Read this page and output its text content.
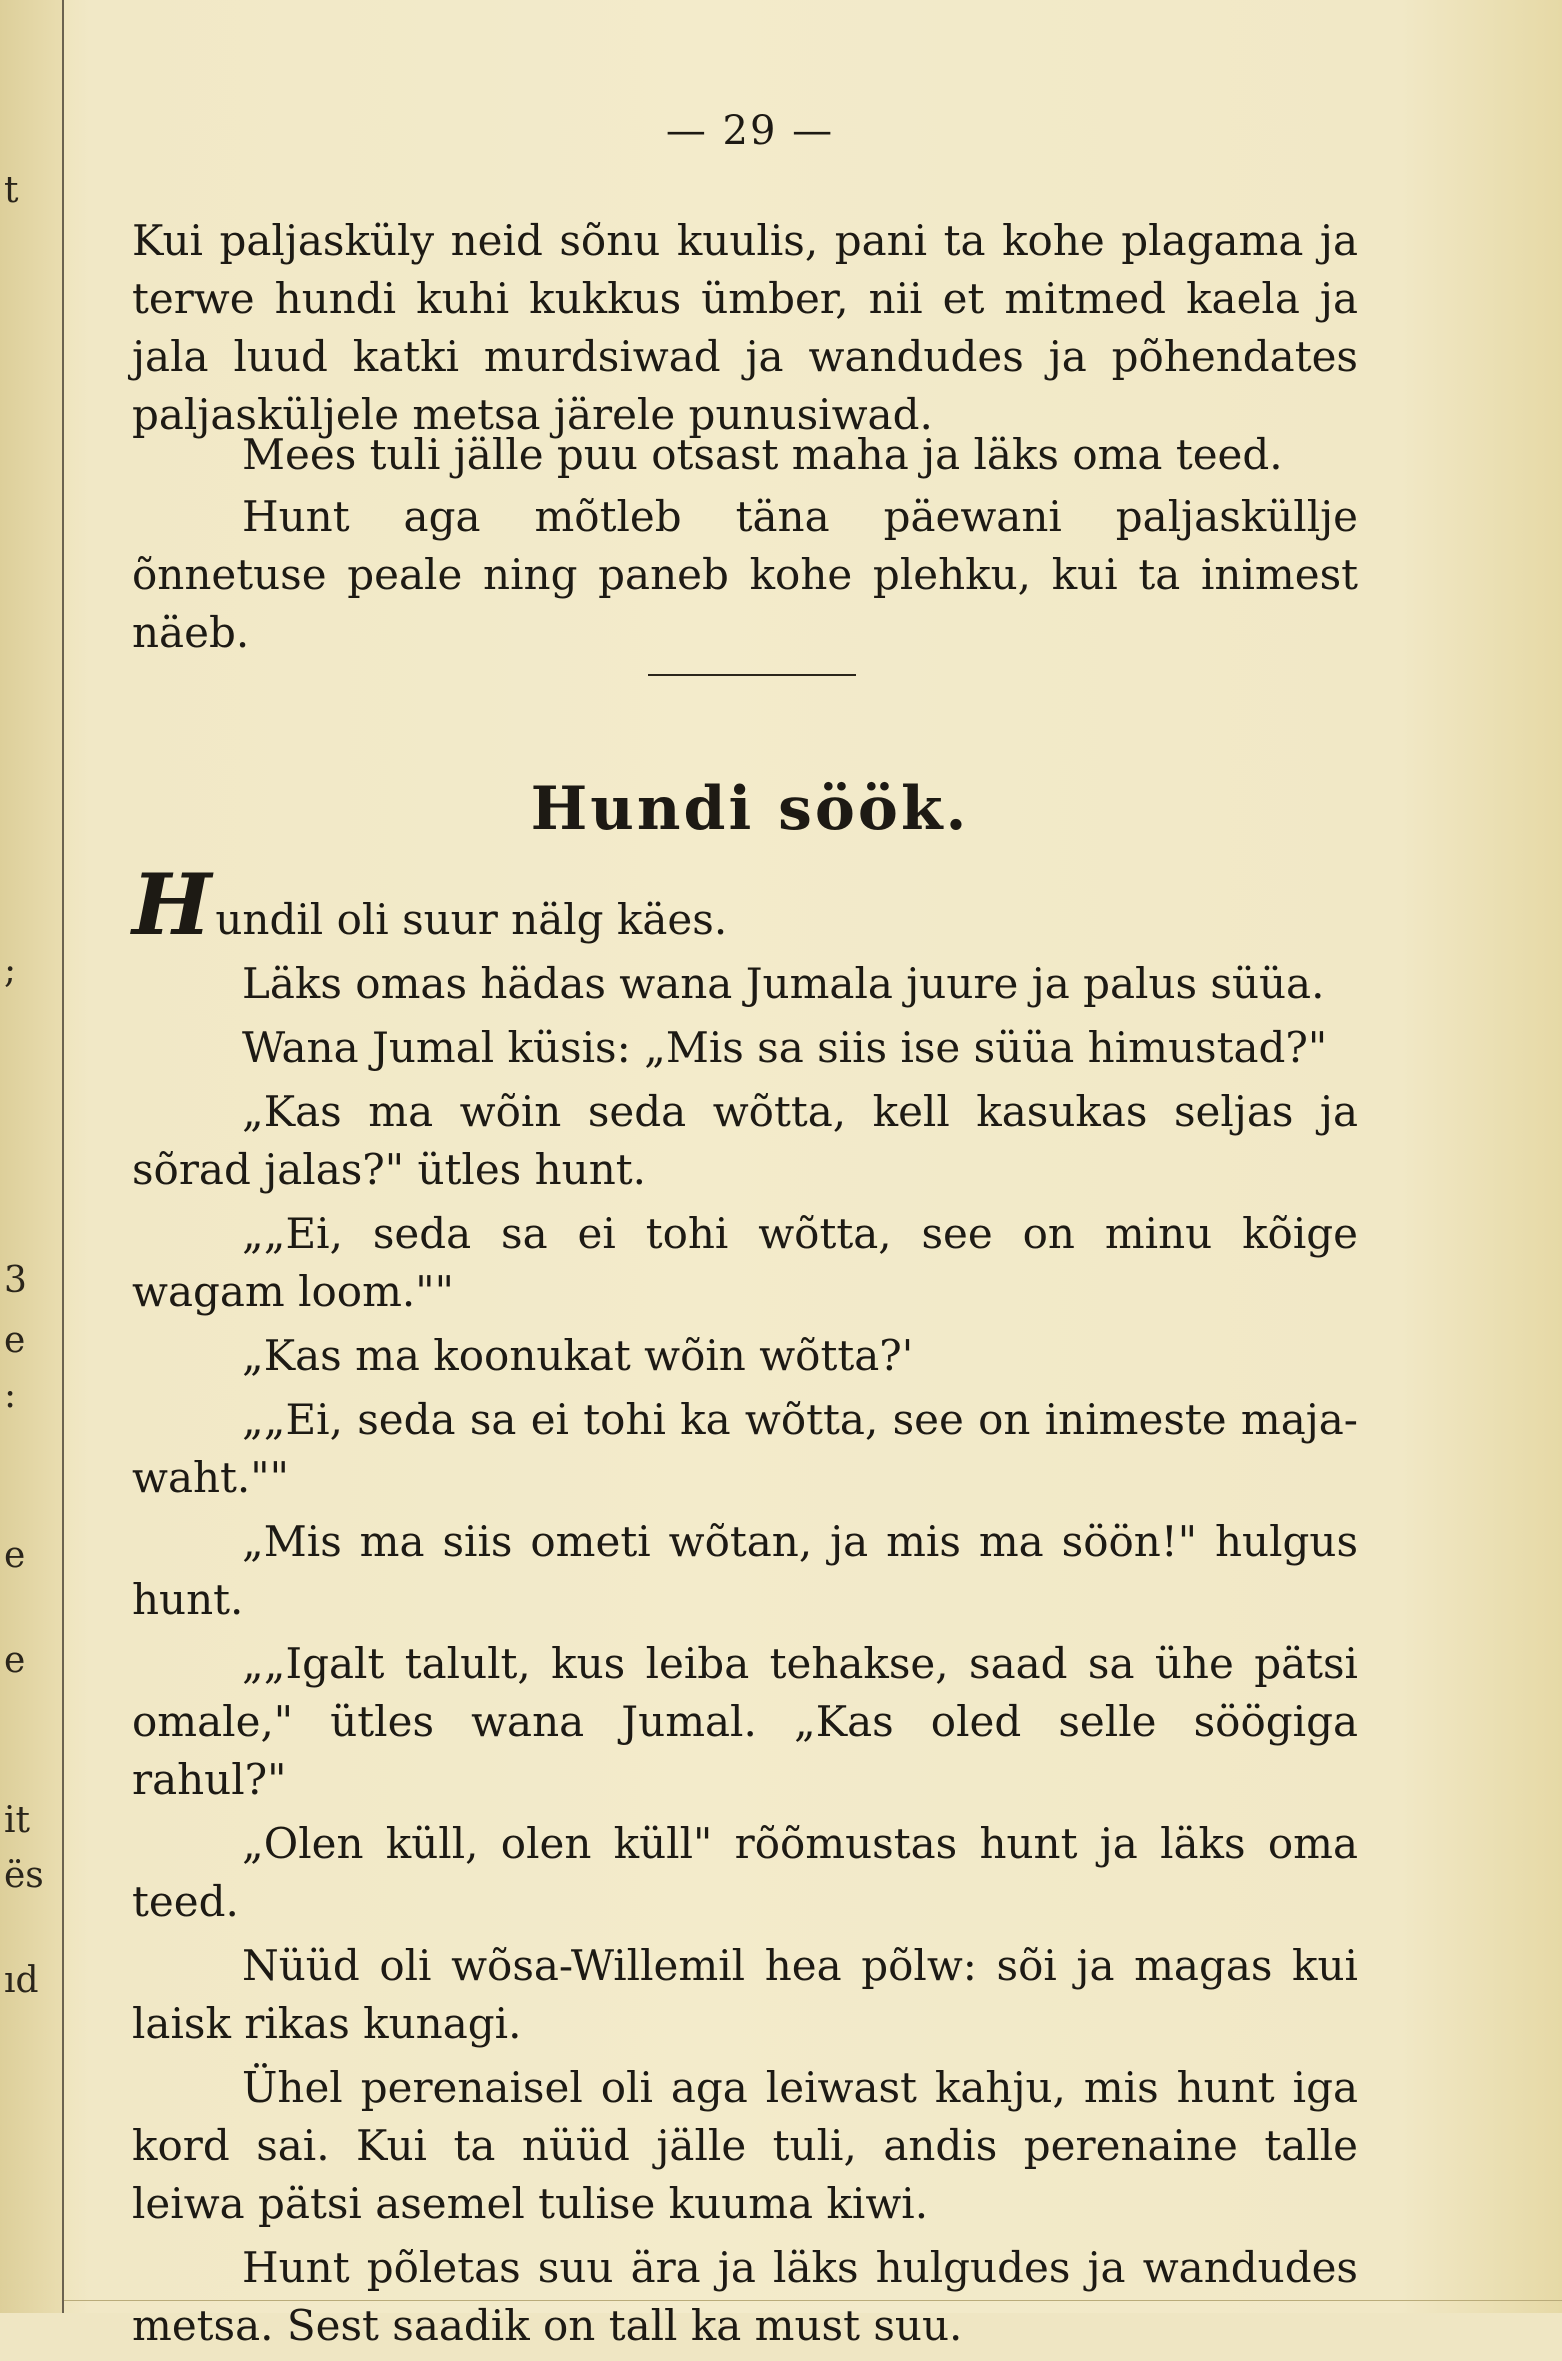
t
;
3
e
:
e
e
it
ës
ıd
— 29 —

Kui paljasküly neid sõnu kuulis, pani ta kohe plagama ja terwe hundi kuhi kukkus ümber, nii et mitmed kaela ja jala luud katki murdsiwad ja wandudes ja põhendates paljasküljele metsa järele punusiwad.

Mees tuli jälle puu otsast maha ja läks oma teed.

Hunt aga mõtleb täna päewani paljasküllje õnnetuse peale ning paneb kohe plehku, kui ta inimest näeb.

Hundi söök.

Hundil oli suur nälg käes.

Läks omas hädas wana Jumala juure ja palus süüa.

Wana Jumal küsis: „Mis sa siis ise süüa himustad?"

„Kas ma wõin seda wõtta, kell kasukas seljas ja sõrad jalas?" ütles hunt.

„„Ei, seda sa ei tohi wõtta, see on minu kõige wagam loom.""

„Kas ma koonukat wõin wõtta?'

„„Ei, seda sa ei tohi ka wõtta, see on inimeste maja-waht.""

„Mis ma siis ometi wõtan, ja mis ma söön!" hulgus hunt.

„„Igalt talult, kus leiba tehakse, saad sa ühe pätsi omale," ütles wana Jumal. „Kas oled selle söögiga rahul?"

„Olen küll, olen küll" rõõmustas hunt ja läks oma teed.

Nüüd oli wõsa-Willemil hea põlw: sõi ja magas kui laisk rikas kunagi.

Ühel perenaisel oli aga leiwast kahju, mis hunt iga kord sai. Kui ta nüüd jälle tuli, andis perenaine talle leiwa pätsi asemel tulise kuuma kiwi.

Hunt põletas suu ära ja läks hulgudes ja wandudes metsa. Sest saadik on tall ka must suu.
